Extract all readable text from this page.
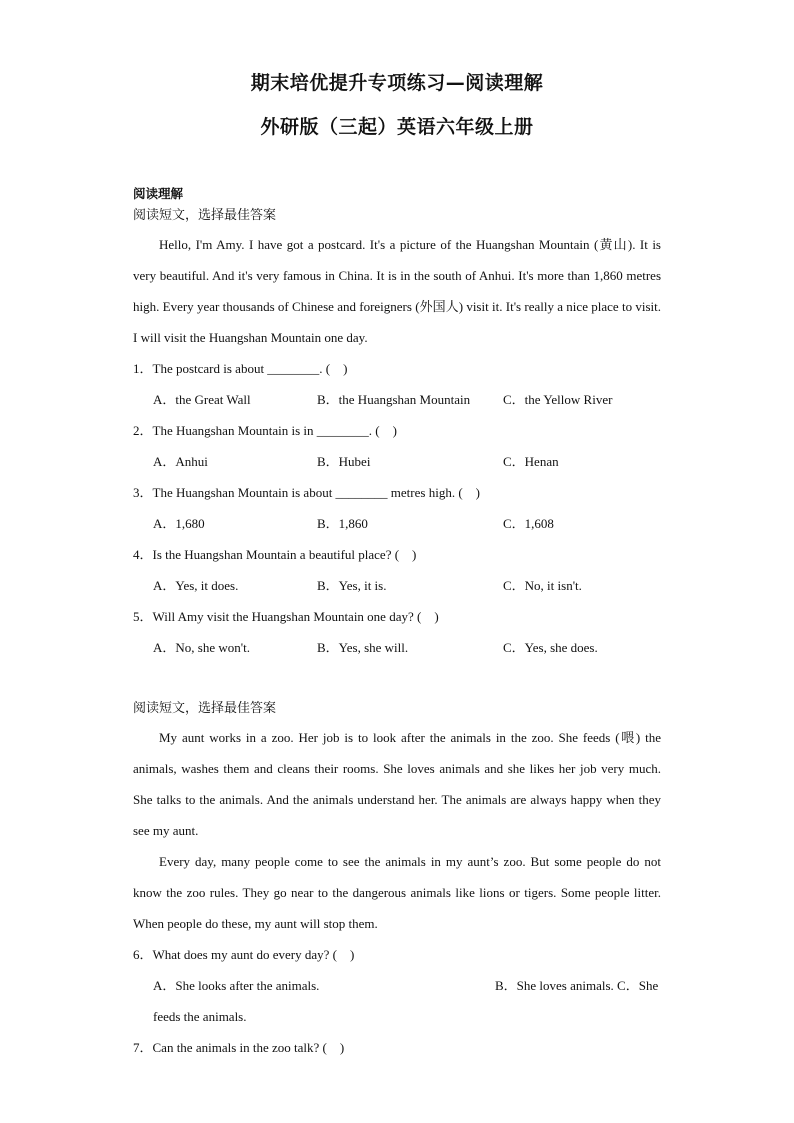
期末培优提升专项练习—阅读理解
外研版（三起）英语六年级上册
阅读理解
阅读短文，选择最佳答案

Hello, I'm Amy. I have got a postcard. It's a picture of the Huangshan Mountain (黄山). It is very beautiful. And it's very famous in China. It is in the south of Anhui. It's more than 1,860 metres high. Every year thousands of Chinese and foreigners (外国人) visit it. It's really a nice place to visit. I will visit the Huangshan Mountain one day.

1．The postcard is about ________. (　)

A．the Great Wall	B．the Huangshan Mountain	C．the Yellow River

2．The Huangshan Mountain is in ________. (　)

A．Anhui	B．Hubei	C．Henan

3．The Huangshan Mountain is about ________ metres high. (　)

A．1,680	B．1,860	C．1,608

4．Is the Huangshan Mountain a beautiful place? (　)

A．Yes, it does.	B．Yes, it is.	C．No, it isn't.

5．Will Amy visit the Huangshan Mountain one day? (　)

A．No, she won't.	B．Yes, she will.	C．Yes, she does.
阅读短文，选择最佳答案

My aunt works in a zoo. Her job is to look after the animals in the zoo. She feeds (喂) the animals, washes them and cleans their rooms. She loves animals and she likes her job very much. She talks to the animals. And the animals understand her. The animals are always happy when they see my aunt.

Every day, many people come to see the animals in my aunt’s zoo. But some people do not know the zoo rules. They go near to the dangerous animals like lions or tigers. Some people litter. When people do these, my aunt will stop them.

6．What does my aunt do every day? (　)

A．She looks after the animals.	B．She loves animals. C．She
feeds the animals.

7．Can the animals in the zoo talk? (　)
